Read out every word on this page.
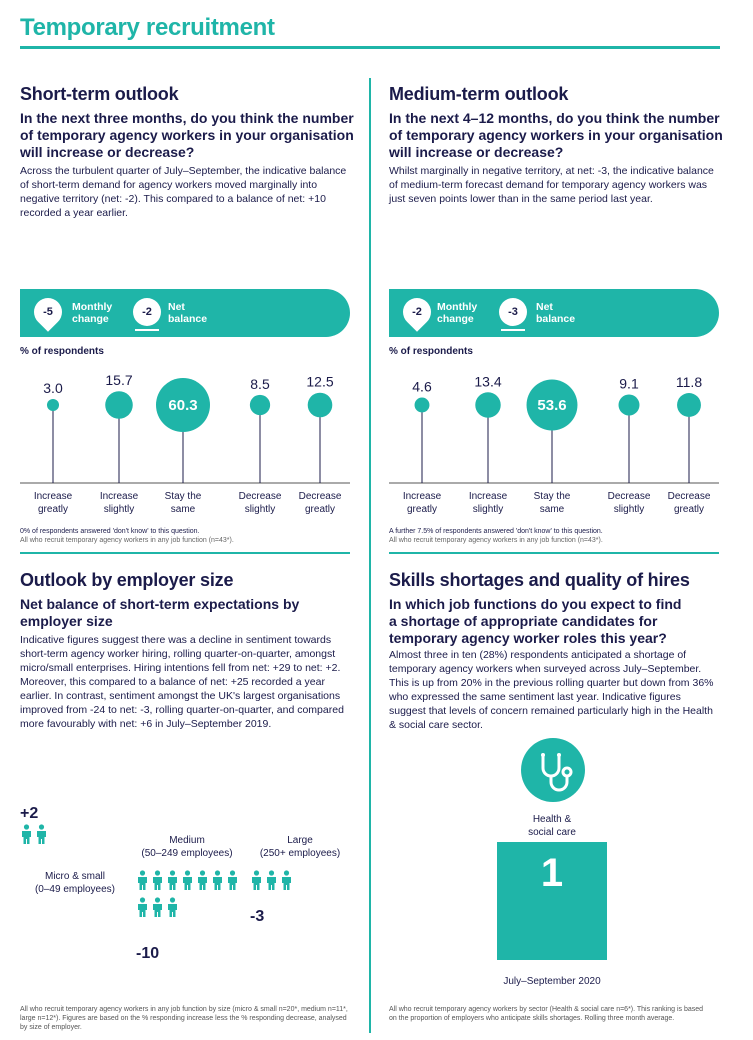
Temporary recruitment
Short-term outlook
In the next three months, do you think the number of temporary agency workers in your organisation will increase or decrease?
Across the turbulent quarter of July–September, the indicative balance of short-term demand for agency workers moved marginally into negative territory (net: -2). This compared to a balance of net: +10 recorded a year earlier.
-5	Monthly
change
-2	Net
balance
% of respondents
3.0
Increase
greatly
15.7
Increase
slightly
60.3
Stay the
same
8.5
Decrease
slightly
12.5
Decrease
greatly
0% of respondents answered 'don't know' to this question.
All who recruit temporary agency workers in any job function (n=43*).
Medium-term outlook
In the next 4–12 months, do you think the number of temporary agency workers in your organisation will increase or decrease?
Whilst marginally in negative territory, at net: -3, the indicative balance of medium-term forecast demand for temporary agency workers was just seven points lower than in the same period last year.
-2	Monthly
change
-3	Net
balance
% of respondents
4.6
Increase
greatly
13.4
Increase
slightly
53.6
Stay the
same
9.1
Decrease
slightly
11.8
Decrease
greatly
A further 7.5% of respondents answered 'don't know' to this question.
All who recruit temporary agency workers in any job function (n=43*).
Outlook by employer size
Net balance of short-term expectations by employer size
Indicative figures suggest there was a decline in sentiment towards short-term agency worker hiring, rolling quarter-on-quarter, amongst micro/small enterprises. Hiring intentions fell from net: +29 to net: +2. Moreover, this compared to a balance of net: +25 recorded a year earlier. In contrast, sentiment amongst the UK's largest organisations improved from -24 to net: -3, rolling quarter-on-quarter, and compared more favourably with net: +6 in July–September 2019.
+2
Micro & small
(0–49 employees)
Medium
(50–249 employees)
-10
Large
(250+ employees)
-3
All who recruit temporary agency workers in any job function by size (micro & small n=20*, medium n=11*, large n=12*). Figures are based on the % responding increase less the % responding decrease, analysed by size of employer.
Skills shortages and quality of hires
In which job functions do you expect to find a shortage of appropriate candidates for temporary agency worker roles this year?
Almost three in ten (28%) respondents anticipated a shortage of temporary agency workers when surveyed across July–September. This is up from 20% in the previous rolling quarter but down from 36% who expressed the same sentiment last year. Indicative figures suggest that levels of concern remained particularly high in the Health & social care sector.
Health &
social care
1
July–September 2020
All who recruit temporary agency workers by sector (Health & social care n=6*). This ranking is based on the proportion of employers who anticipate skills shortages. Rolling three month average.
